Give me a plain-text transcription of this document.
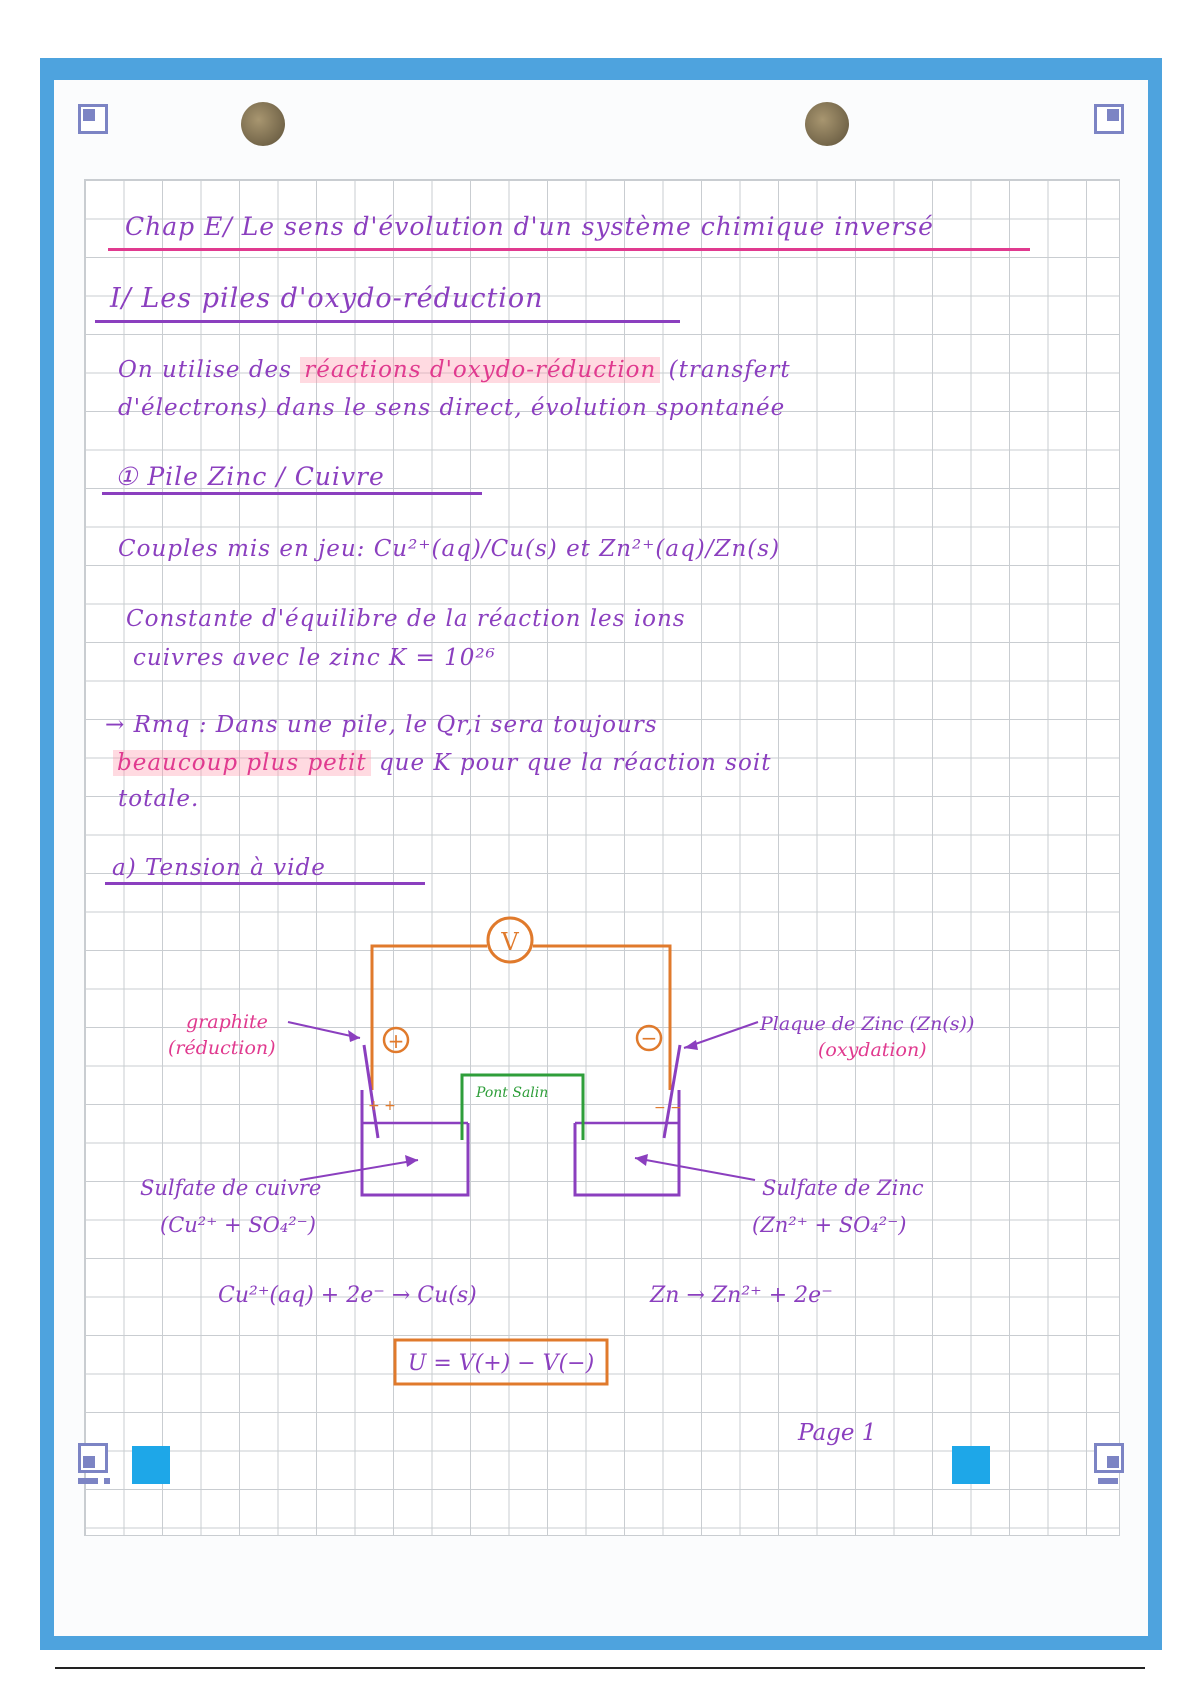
Chap E/ Le sens d'évolution d'un système chimique inversé
I/ Les piles d'oxydo-réduction
On utilise des réactions d'oxydo-réduction (transfert
d'électrons) dans le sens direct, évolution spontanée
① Pile Zinc / Cuivre
Couples mis en jeu: Cu²⁺(aq)/Cu(s) et Zn²⁺(aq)/Zn(s)
Constante d'équilibre de la réaction les ions
cuivres avec le zinc K = 10²⁶
→ Rmq : Dans une pile, le Qr,i sera toujours
beaucoup plus petit que K pour que la réaction soit
totale.
a) Tension à vide
V
+	−
+ +	− −
Pont Salin
graphite
(réduction)
Plaque de Zinc (Zn(s))
(oxydation)
Sulfate de cuivre
(Cu²⁺ + SO₄²⁻)
Sulfate de Zinc
(Zn²⁺ + SO₄²⁻)
Cu²⁺(aq) + 2e⁻ → Cu(s)	Zn → Zn²⁺ + 2e⁻
U = V(+) − V(−)
Page 1
